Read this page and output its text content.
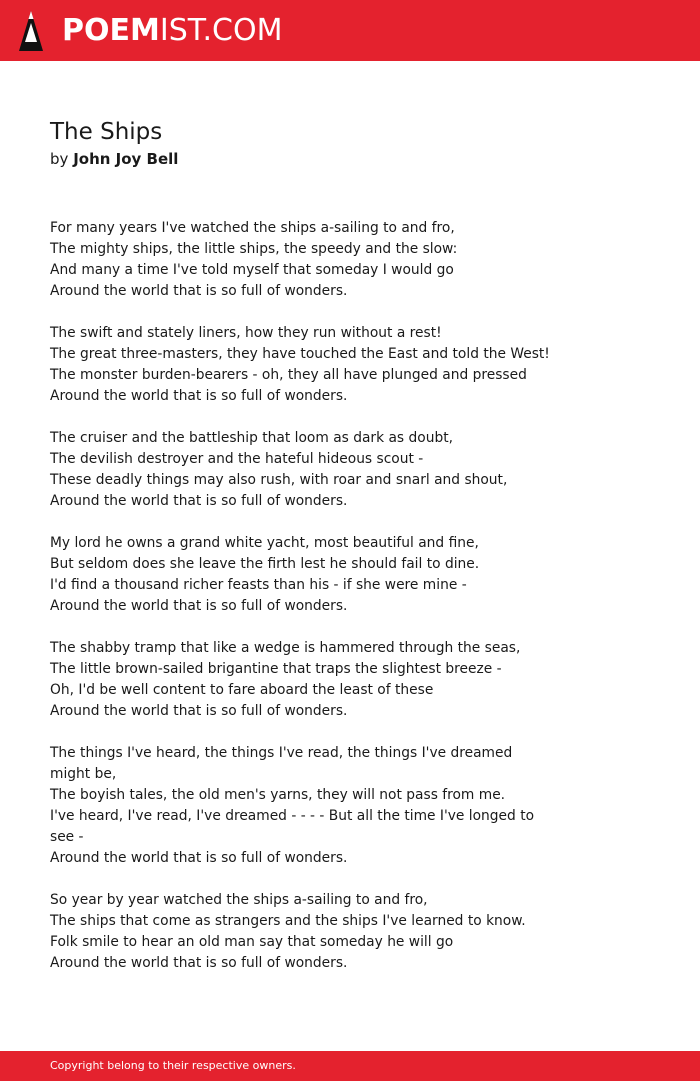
POEMIST.COM
The Ships
by John Joy Bell

For many years I've watched the ships a-sailing to and fro,
The mighty ships, the little ships, the speedy and the slow:
And many a time I've told myself that someday I would go
Around the world that is so full of wonders.

The swift and stately liners, how they run without a rest!
The great three-masters, they have touched the East and told the West!
The monster burden-bearers - oh, they all have plunged and pressed
Around the world that is so full of wonders.

The cruiser and the battleship that loom as dark as doubt,
The devilish destroyer and the hateful hideous scout -
These deadly things may also rush, with roar and snarl and shout,
Around the world that is so full of wonders.

My lord he owns a grand white yacht, most beautiful and fine,
But seldom does she leave the firth lest he should fail to dine.
I'd find a thousand richer feasts than his - if she were mine -
Around the world that is so full of wonders.

The shabby tramp that like a wedge is hammered through the seas,
The little brown-sailed brigantine that traps the slightest breeze -
Oh, I'd be well content to fare aboard the least of these
Around the world that is so full of wonders.

The things I've heard, the things I've read, the things I've dreamed might be,
The boyish tales, the old men's yarns, they will not pass from me.
I've heard, I've read, I've dreamed - - - - But all the time I've longed to see -
Around the world that is so full of wonders.

So year by year watched the ships a-sailing to and fro,
The ships that come as strangers and the ships I've learned to know.
Folk smile to hear an old man say that someday he will go
Around the world that is so full of wonders.

Copyright belong to their respective owners.
